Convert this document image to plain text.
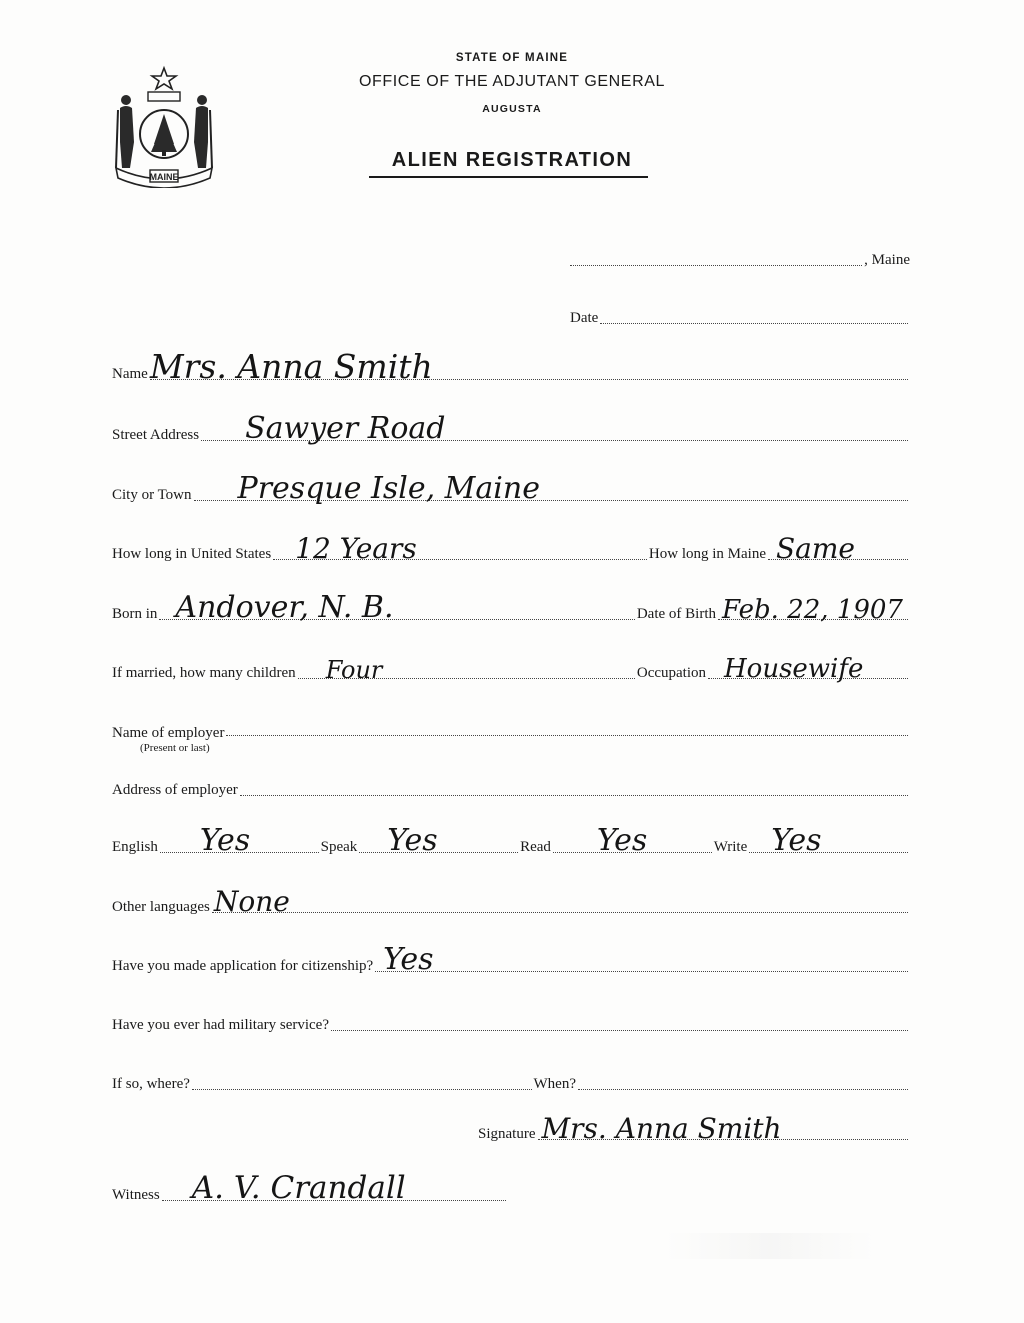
MAINE
STATE OF MAINE
OFFICE OF THE ADJUTANT GENERAL
AUGUSTA
ALIEN REGISTRATION
, Maine
Date
Name Mrs. Anna Smith
Street Address Sawyer Road
City or Town Presque Isle, Maine
How long in United States 12 Years	How long in Maine Same
Born in Andover, N. B.	Date of Birth Feb. 22, 1907
If married, how many children Four	Occupation Housewife
Name of employer
(Present or last)
Address of employer
English Yes	Speak Yes	Read Yes	Write Yes
Other languages None
Have you made application for citizenship? Yes
Have you ever had military service?
If so, where?	When?
Signature Mrs. Anna Smith
Witness A. V. Crandall
